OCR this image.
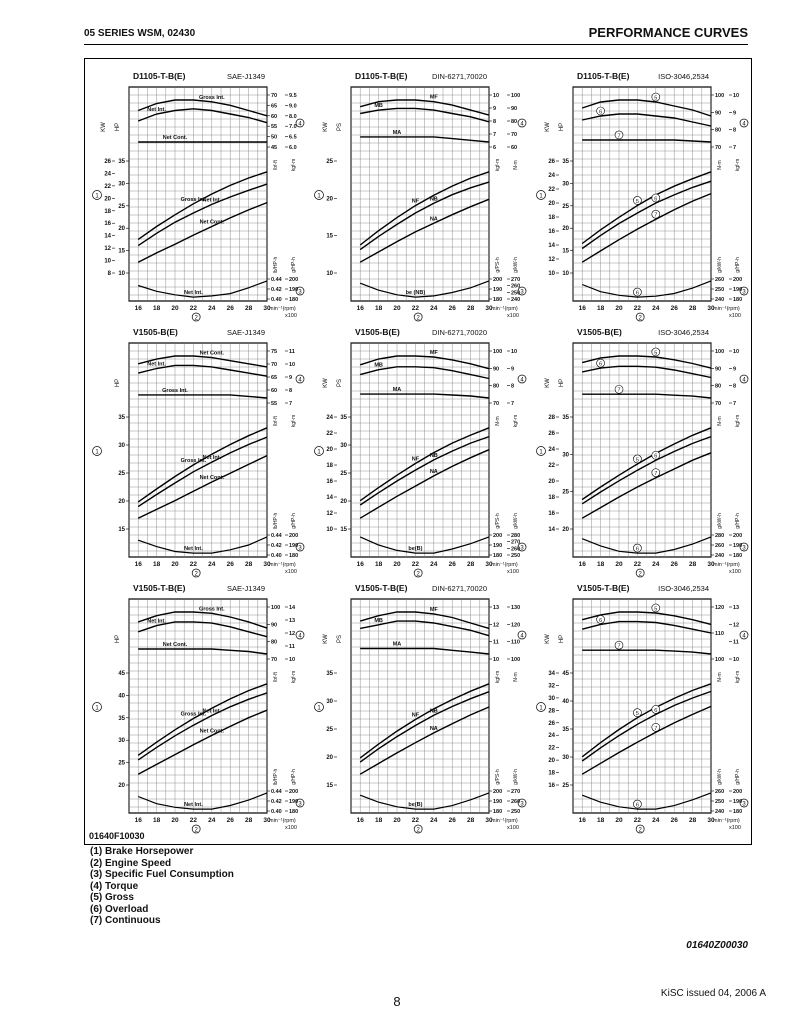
05 SERIES WSM, 02430	PERFORMANCE CURVES
01640F10030
D1105-T-B(E)	SAE-J1349
16 18 20 22 24 26 28 30
min⁻¹(rpm)
x100
2
8
10
12
14
16
18
20
22
24
26
10
15
20
25
30
35
KW HP
1
45
50
55
60
65
70
6.0
6.5
7.0
8.0
9.0
9.5
0.40
0.42
0.44
180
190
200
lbf-ft kgf-m
lb/HP-h g/HP-h
4
3
Gross Int.
Net Int.
Net Cont.
Gross Int.
Net Int.
Net Cont.
Net Int.
D1105-T-B(E)	DIN-6271,70020
16 18 20 22 24 26 28 30
min⁻¹(rpm)
x100
2
10
15
20
25
KW PS
1
6
7
8
9
10
60
70
80
90
100
180
190
200
240
250
260
270
kgf-m N-m
g/PS-h g/kW-h
4
3
MF
MB
MA
NF NB
NA
be (NB)
D1105-T-B(E)	ISO-3046,2534
16 18 20 22 24 26 28 30
min⁻¹(rpm)
x100
2
10
12
14
16
18
20
22
24
26
10
15
20
25
30
35
KW HP
1
70
80
90
100
7
8
9
10
240
250
260
180
190
200
N-m kgf-m
g/kW-h g/HP-h
4
3
5
6
7
5	6
7
6
V1505-B(E)	SAE-J1349
16 18 20 22 24 26 28 30
min⁻¹(rpm)
x100
2
15
20
25
30
35
HP
1
55
60
65
70
75
7
8
9
10
11
0.40
0.42
0.44
180
190
200
lbf-ft kgf-m
lb/HP-h g/HP-h
4
3
Net Cont.
Net Int.
Gross Int.
Gross Int.
Net Int.
Net Cont.
Net Int.
V1505-B(E)	DIN-6271,70020
16 18 20 22 24 26 28 30
min⁻¹(rpm)
x100
2
10
12
14
16
18
20
22
24
15
20
25
30
35
KW PS
1
70
80
90
100
7
8
9
10
180
190
200
250
260
270
280
N-m kgf-m
g/PS-h g/kW-h
4
3
MF
MB
MA
NF
NB
NA
be(B)
V1505-B(E)	ISO-3046,2534
16 18 20 22 24 26 28 30
min⁻¹(rpm)
x100
2
14
16
18
20
22
24
26
28
20
25
30
35
KW HP
1
70
80
90
100
7
8
9
10
240
260
280
180
190
200
N-m kgf-m
g/kW-h g/HP-h
4
3
5
6
7
5
6
7
6
V1505-T-B(E)	SAE-J1349
16 18 20 22 24 26 28 30
min⁻¹(rpm)
x100
2
20
25
30
35
40
45
HP
1
70
80
90
100
10
11
12
13
14
0.40
0.42
0.44
180
190
200
lbf-ft kgf-m
lb/HP-h g/HP-h
4
3
Gross Int.
Net Int.
Net Cont.
Gross Int.
Net Int.
Net Cont.
Net Int.
V1505-T-B(E)	DIN-6271,70020
16 18 20 22 24 26 28 30
min⁻¹(rpm)
x100
2
15
20
25
30
35
KW PS
1
10
11
12
13
100
110
120
130
180
190
200
250
260
270
kgf-m N-m
g/PS-h g/kW-h
4
3
MF
MB
MA
NF
NB
NA
be(B)
V1505-T-B(E)	ISO-3046,2534
16 18 20 22 24 26 28 30
min⁻¹(rpm)
x100
2
16
18
20
22
24
26
28
30
32
34
25
30
35
40
45
KW HP
1
100
110
120
10
11
12
13
240
250
260
180
190
200
N-m kgf-m
g/kW-h g/HP-h
4
3
5
6
7
5
6
7
6
(1) Brake Horsepower
(2) Engine Speed
(3) Specific Fuel Consumption
(4) Torque
(5) Gross
(6) Overload
(7) Continuous
01640Z00030
8
KiSC issued 04, 2006 A
